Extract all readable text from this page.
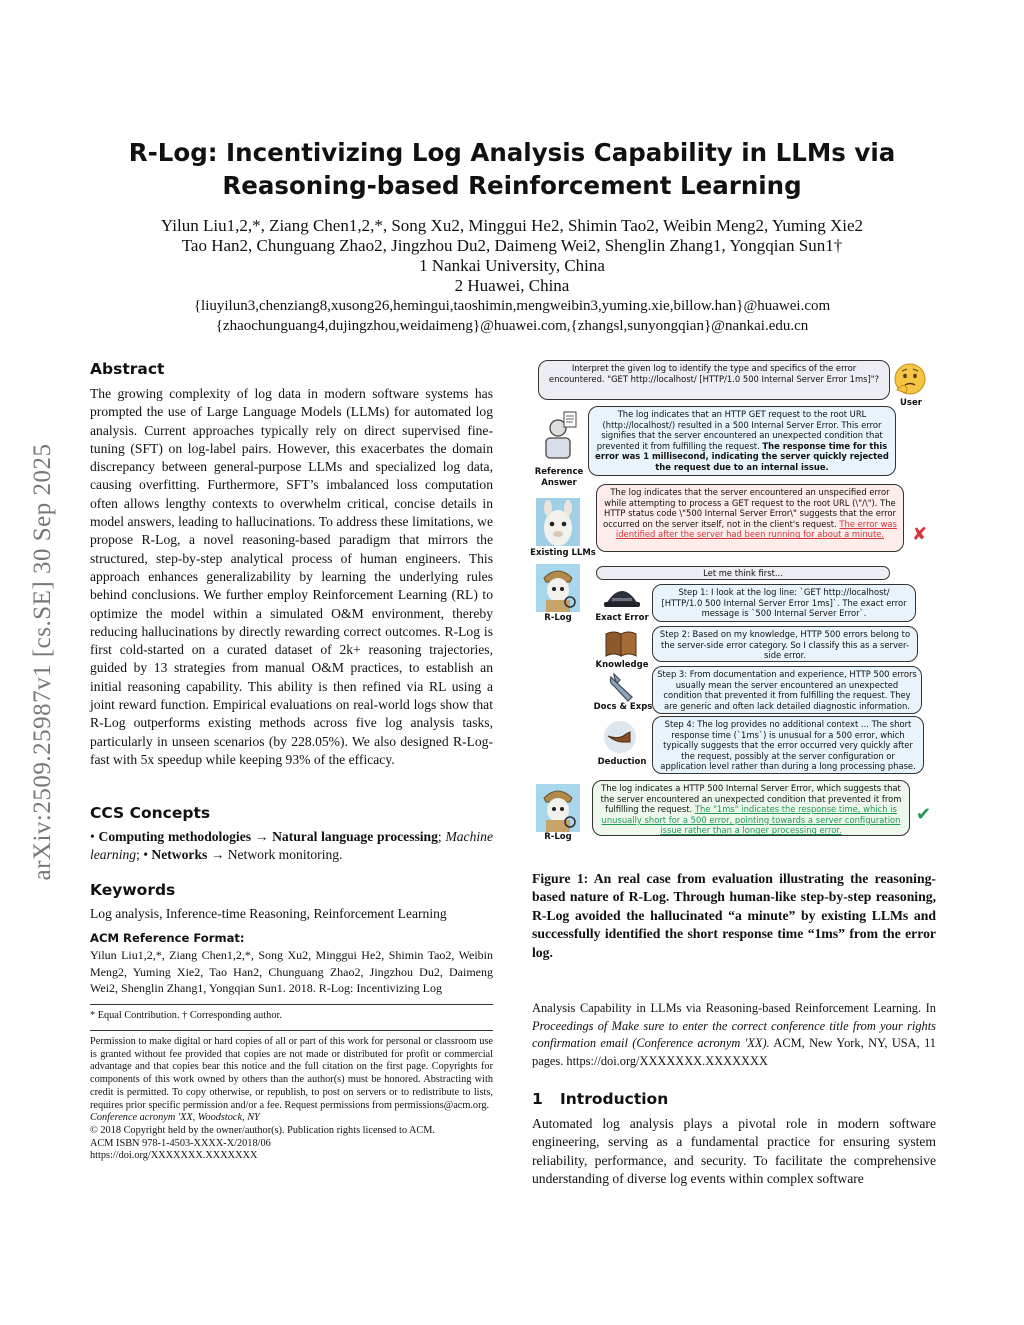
arXiv:2509.25987v1 [cs.SE] 30 Sep 2025
R-Log: Incentivizing Log Analysis Capability in LLMs via
Reasoning-based Reinforcement Learning
Yilun Liu1,2,*, Ziang Chen1,2,*, Song Xu2, Minggui He2, Shimin Tao2, Weibin Meng2, Yuming Xie2
Tao Han2, Chunguang Zhao2, Jingzhou Du2, Daimeng Wei2, Shenglin Zhang1, Yongqian Sun1†
1 Nankai University, China
2 Huawei, China
{liuyilun3,chenziang8,xusong26,hemingui,taoshimin,mengweibin3,yuming.xie,billow.han}@huawei.com
{zhaochunguang4,dujingzhou,weidaimeng}@huawei.com,{zhangsl,sunyongqian}@nankai.edu.cn
Abstract
The growing complexity of log data in modern software systems has prompted the use of Large Language Models (LLMs) for automated log analysis. Current approaches typically rely on direct supervised fine-tuning (SFT) on log-label pairs. However, this exacerbates the domain discrepancy between general-purpose LLMs and specialized log data, causing overfitting. Furthermore, SFT’s imbalanced loss computation often allows lengthy contexts to overwhelm critical, concise details in model answers, leading to hallucinations. To address these limitations, we propose R-Log, a novel reasoning-based paradigm that mirrors the structured, step-by-step analytical process of human engineers. This approach enhances generalizability by learning the underlying rules behind conclusions. We further employ Reinforcement Learning (RL) to optimize the model within a simulated O&M environment, thereby reducing hallucinations by directly rewarding correct outcomes. R-Log is first cold-started on a curated dataset of 2k+ reasoning trajectories, guided by 13 strategies from manual O&M practices, to establish an initial reasoning capability. This ability is then refined via RL using a joint reward function. Empirical evaluations on real-world logs show that R-Log outperforms existing methods across five log analysis tasks, particularly in unseen scenarios (by 228.05%). We also designed R-Log-fast with 5x speedup while keeping 93% of the efficacy.
CCS Concepts
• Computing methodologies → Natural language processing; Machine learning; • Networks → Network monitoring.
Keywords
Log analysis, Inference-time Reasoning, Reinforcement Learning
ACM Reference Format:
Yilun Liu1,2,*, Ziang Chen1,2,*, Song Xu2, Minggui He2, Shimin Tao2, Weibin Meng2, Yuming Xie2, Tao Han2, Chunguang Zhao2, Jingzhou Du2, Daimeng Wei2, Shenglin Zhang1, Yongqian Sun1. 2018. R-Log: Incentivizing Log
* Equal Contribution. † Corresponding author.
Permission to make digital or hard copies of all or part of this work for personal or classroom use is granted without fee provided that copies are not made or distributed for profit or commercial advantage and that copies bear this notice and the full citation on the first page. Copyrights for components of this work owned by others than the author(s) must be honored. Abstracting with credit is permitted. To copy otherwise, or republish, to post on servers or to redistribute to lists, requires prior specific permission and/or a fee. Request permissions from permissions@acm.org.
Conference acronym 'XX, Woodstock, NY
© 2018 Copyright held by the owner/author(s). Publication rights licensed to ACM.
ACM ISBN 978-1-4503-XXXX-X/2018/06
https://doi.org/XXXXXXX.XXXXXXX
Interpret the given log to identify the type and specifics of the error encountered. "GET http://localhost/ [HTTP/1.0 500 Internal Server Error 1ms]"?
User
Reference Answer
The log indicates that an HTTP GET request to the root URL (http://localhost/) resulted in a 500 Internal Server Error. This error signifies that the server encountered an unexpected condition that prevented it from fulfilling the request. The response time for this error was 1 millisecond, indicating the server quickly rejected the request due to an internal issue.
Existing LLMs
The log indicates that the server encountered an unspecified error while attempting to process a GET request to the root URL (\"/\"). The HTTP status code \"500 Internal Server Error\" suggests that the error occurred on the server itself, not in the client's request. The error was identified after the server had been running for about a minute.	✘
R-Log
Let me think first...
Exact Error
Step 1: I look at the log line: `GET http://localhost/ [HTTP/1.0 500 Internal Server Error 1ms]`. The exact error message is `500 Internal Server Error`.
Knowledge
Step 2: Based on my knowledge, HTTP 500 errors belong to the server-side error category. So I classify this as a server-side error.
Docs & Exps
Step 3: From documentation and experience, HTTP 500 errors usually mean the server encountered an unexpected condition that prevented it from fulfilling the request. They are generic and often lack detailed diagnostic information.
Deduction
Step 4: The log provides no additional context ... The short response time (`1ms`) is unusual for a 500 error, which typically suggests that the error occurred very quickly after the request, possibly at the server configuration or application level rather than during a long processing phase.
R-Log
The log indicates a HTTP 500 Internal Server Error, which suggests that the server encountered an unexpected condition that prevented it from fulfilling the request. The "1ms" indicates the response time, which is unusually short for a 500 error, pointing towards a server configuration issue rather than a longer processing error.
✔
Figure 1: An real case from evaluation illustrating the reasoning-based nature of R-Log. Through human-like step-by-step reasoning, R-Log avoided the hallucinated “a minute” by existing LLMs and successfully identified the short response time “1ms” from the error log.
Analysis Capability in LLMs via Reasoning-based Reinforcement Learning. In Proceedings of Make sure to enter the correct conference title from your rights confirmation email (Conference acronym 'XX). ACM, New York, NY, USA, 11 pages. https://doi.org/XXXXXXX.XXXXXXX
1 Introduction
Automated log analysis plays a pivotal role in modern software engineering, serving as a fundamental practice for ensuring system reliability, performance, and security. To facilitate the comprehensive understanding of diverse log events within complex software
